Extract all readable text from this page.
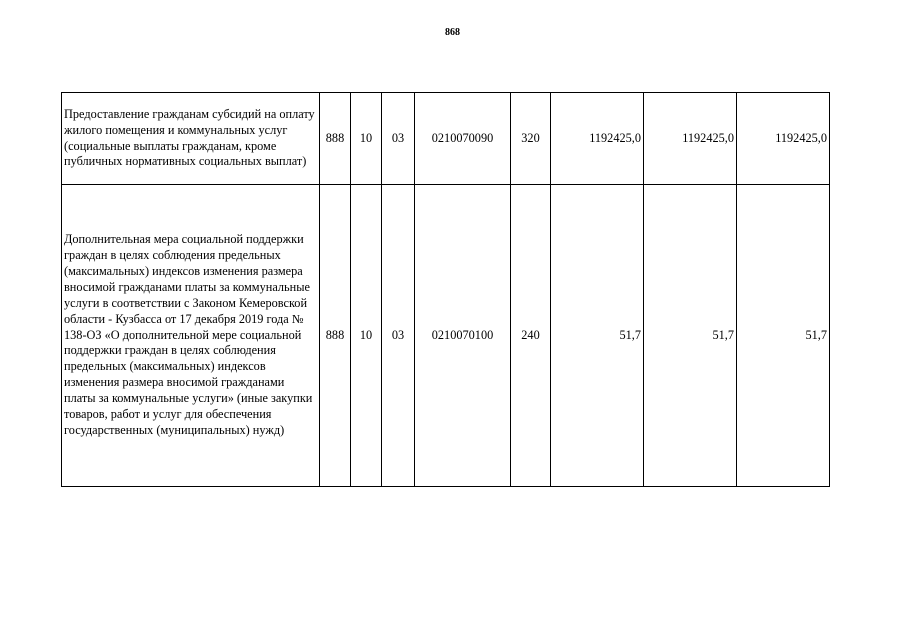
868
Предоставление гражданам субсидий на оплату жилого помещения и коммунальных услуг (социальные выплаты гражданам, кроме публичных нормативных социальных выплат)	888	10	03	0210070090	320	1192425,0	1192425,0	1192425,0
Дополнительная мера социальной поддержки граждан в целях соблюдения предельных (максимальных) индексов изменения размера вносимой гражданами платы за коммунальные услуги в соответствии с Законом Кемеровской области - Кузбасса от 17 декабря 2019 года № 138-ОЗ «О дополнительной мере социальной поддержки граждан в целях соблюдения предельных (максимальных) индексов изменения размера вносимой гражданами платы за коммунальные услуги» (иные закупки товаров, работ и услуг для обеспечения государственных (муниципальных) нужд)	888	10	03	0210070100	240	51,7	51,7	51,7
